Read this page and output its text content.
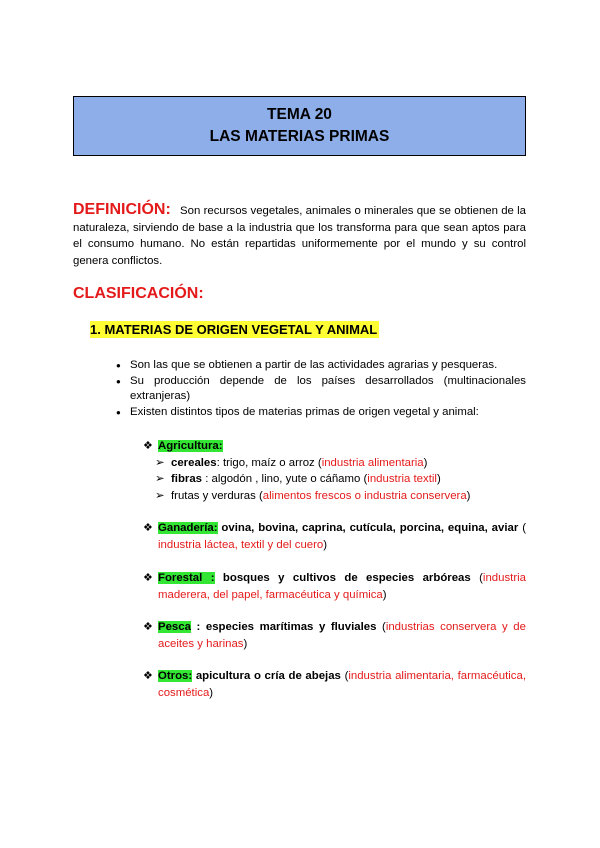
TEMA 20
LAS MATERIAS PRIMAS
DEFINICIÓN: Son recursos vegetales, animales o minerales que se obtienen de la naturaleza, sirviendo de base a la industria que los transforma para que sean aptos para el consumo humano. No están repartidas uniformemente por el mundo y su control genera conflictos.
CLASIFICACIÓN:
1. MATERIAS DE ORIGEN VEGETAL Y ANIMAL
● Son las que se obtienen a partir de las actividades agrarias y pesqueras.
● Su producción depende de los países desarrollados (multinacionales extranjeras)
● Existen distintos tipos de materias primas de origen vegetal y animal:
❖ Agricultura:
➢ cereales: trigo, maíz o arroz (industria alimentaria)
➢ fibras : algodón , lino, yute o cáñamo (industria textil)
➢ frutas y verduras (alimentos frescos o industria conservera)
❖ Ganadería: ovina, bovina, caprina, cutícula, porcina, equina, aviar ( industria láctea, textil y del cuero)
❖ Forestal : bosques y cultivos de especies arbóreas (industria maderera, del papel, farmacéutica y química)
❖ Pesca : especies marítimas y fluviales (industrias conservera y de aceites y harinas)
❖ Otros: apicultura o cría de abejas (industria alimentaria, farmacéutica, cosmética)
